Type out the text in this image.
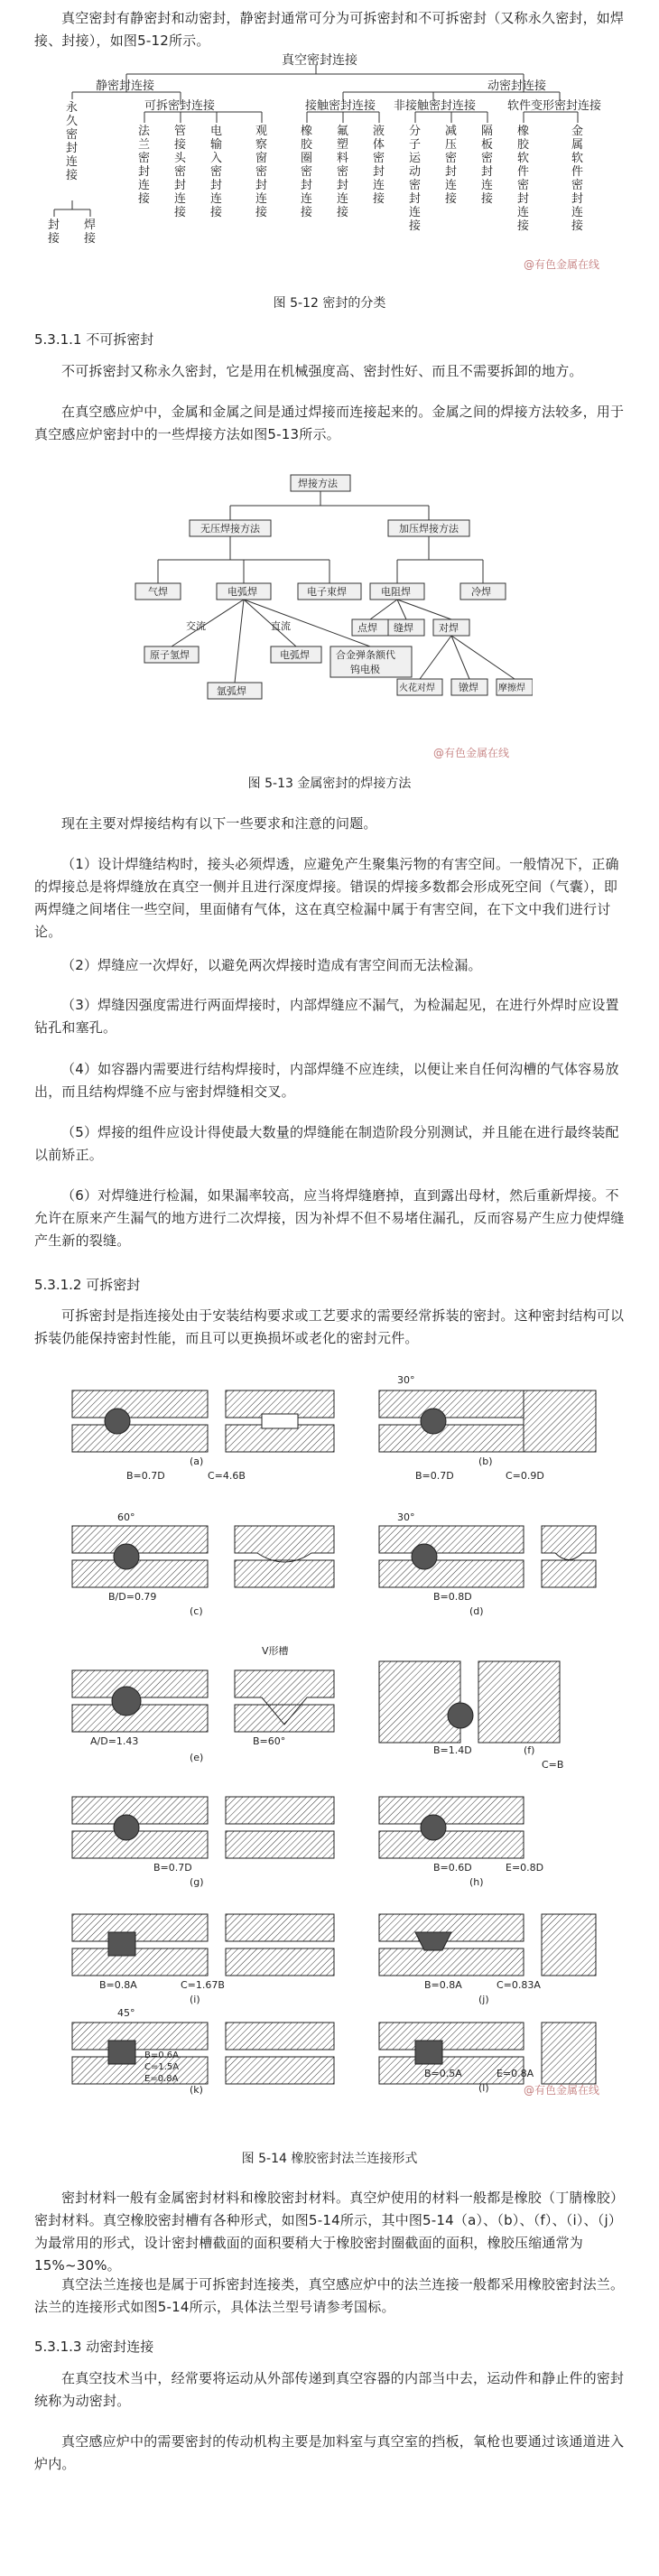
真空密封有静密封和动密封，静密封通常可分为可拆密封和不可拆密封（又称永久密封，如焊接、封接），如图5-12所示。

真空密封连接
静密封连接	动密封连接
可拆密封连接	接触密封连接 非接触密封连接	软件变形密封连接
永久密封连接
封接
焊接
法兰密封连接
管接头密封连接
电输入密封连接
观察窗密封连接
橡胶圈密封连接
氟塑料密封连接
液体密封连接
分子运动密封连接
减压密封连接
隔板密封连接
橡胶软件密封连接
金属软件密封连接
@有色金属在线
图 5-12 密封的分类
5.3.1.1 不可拆密封

不可拆密封又称永久密封，它是用在机械强度高、密封性好、而且不需要拆卸的地方。

在真空感应炉中，金属和金属之间是通过焊接而连接起来的。金属之间的焊接方法较多，用于真空感应炉密封中的一些焊接方法如图5-13所示。

焊接方法
无压焊接方法	加压焊接方法
气焊	电弧焊	电子束焊	电阻焊	冷焊
交流	直流
原子氢焊
氩弧焊
电弧焊	合金弹条额代
钨电极
点焊 缝焊	对焊
火花对焊 镦焊 摩擦焊
@有色金属在线
图 5-13 金属密封的焊接方法

现在主要对焊接结构有以下一些要求和注意的问题。

（1）设计焊缝结构时，接头必须焊透，应避免产生聚集污物的有害空间。一般情况下，正确的焊接总是将焊缝放在真空一侧并且进行深度焊接。错误的焊接多数都会形成死空间（气囊），即两焊缝之间堵住一些空间，里面储有气体，这在真空检漏中属于有害空间，在下文中我们进行讨论。

（2）焊缝应一次焊好，以避免两次焊接时造成有害空间而无法检漏。

（3）焊缝因强度需进行两面焊接时，内部焊缝应不漏气，为检漏起见，在进行外焊时应设置钻孔和塞孔。

（4）如容器内需要进行结构焊接时，内部焊缝不应连续，以便让来自任何沟槽的气体容易放出，而且结构焊缝不应与密封焊缝相交叉。

（5）焊接的组件应设计得使最大数量的焊缝能在制造阶段分别测试，并且能在进行最终装配以前矫正。

（6）对焊缝进行检漏，如果漏率较高，应当将焊缝磨掉，直到露出母材，然后重新焊接。不允许在原来产生漏气的地方进行二次焊接，因为补焊不但不易堵住漏孔，反而容易产生应力使焊缝产生新的裂缝。

5.3.1.2 可拆密封

可拆密封是指连接处由于安装结构要求或工艺要求的需要经常拆装的密封。这种密封结构可以拆装仍能保持密封性能，而且可以更换损坏或老化的密封元件。

(a)
B=0.7D	C=4.6B
30°
(b)
B=0.7D	C=0.9D
60°
B/D=0.79
(c)
30°
B=0.8D
(d)
V形槽
A/D=1.43	B=60°
(e)
B=1.4D	(f)
C=B
B=0.7D
(g)
B=0.6D	E=0.8D
(h)
B=0.8A	C=1.67B
(i)
B=0.8A	C=0.83A
(j)
45°
B=0.6A
C=1.5A
E=0.8A
(k)
B=0.5A	E=0.8A
(l)	@有色金属在线
图 5-14 橡胶密封法兰连接形式

密封材料一般有金属密封材料和橡胶密封材料。真空炉使用的材料一般都是橡胶（丁腈橡胶）密封材料。真空橡胶密封槽有各种形式，如图5-14所示，其中图5-14（a）、（b）、（f）、（i）、（j）为最常用的形式，设计密封槽截面的面积要稍大于橡胶密封圈截面的面积，橡胶压缩通常为15%~30%。

真空法兰连接也是属于可拆密封连接类，真空感应炉中的法兰连接一般都采用橡胶密封法兰。法兰的连接形式如图5-14所示，具体法兰型号请参考国标。

5.3.1.3 动密封连接

在真空技术当中，经常要将运动从外部传递到真空容器的内部当中去，运动件和静止件的密封统称为动密封。

真空感应炉中的需要密封的传动机构主要是加料室与真空室的挡板，氧枪也要通过该通道进入炉内。
